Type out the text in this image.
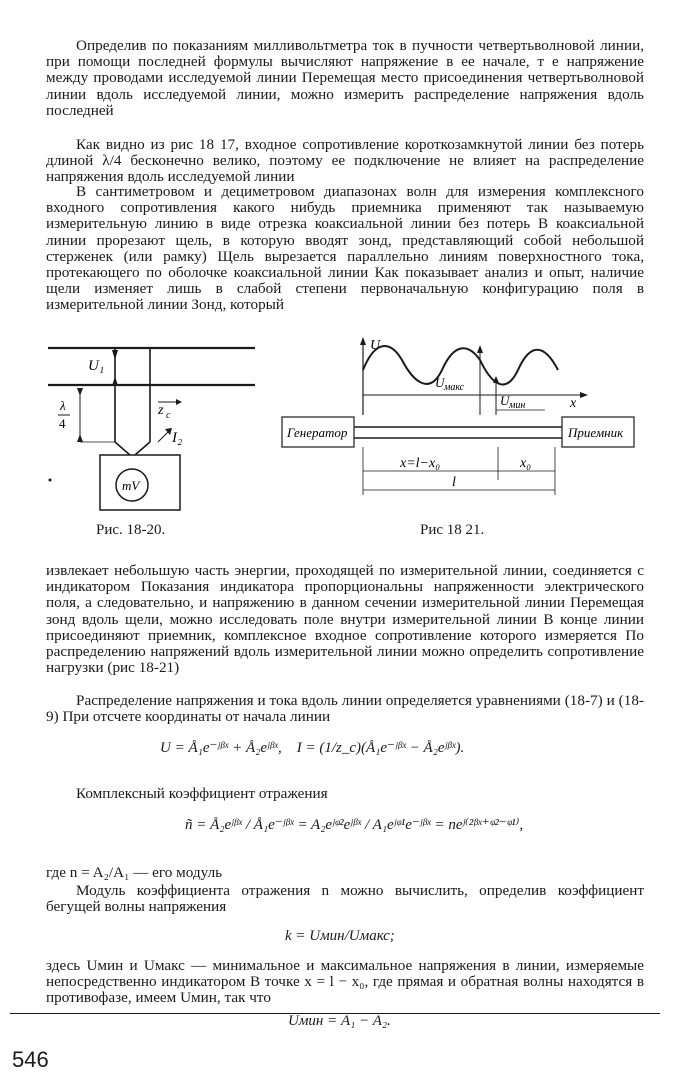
Определив по показаниям милливольтметра ток в пучности четвертьволновой линии, при помощи последней формулы вычисляют напряжение в ее начале, т е напряжение между проводами исследуемой линии Перемещая место присоединения четвертьволновой линии вдоль исследуемой линии, можно измерить распределение напряжения вдоль последней

Как видно из рис 18 17, входное сопротивление короткозамкнутой линии без потерь длиной λ/4 бесконечно велико, поэтому ее подключение не влияет на распределение напряжения вдоль исследуемой линии

В сантиметровом и дециметровом диапазонах волн для измерения комплексного входного сопротивления какого нибудь приемника применяют так называемую измерительную линию в виде отрезка коаксиальной линии без потерь В коаксиальной линии прорезают щель, в которую вводят зонд, представляющий собой небольшой стерженек (или рамку) Щель вырезается параллельно линиям поверхностного тока, протекающего по оболочке коаксиальной линии Как показывает анализ и опыт, наличие щели изменяет лишь в слабой степени первоначальную конфигурацию поля в измерительной линии Зонд, который

U₁
λ
4
z c
I₂
mV
Рис. 18-20.
U
x
U макс
U мин
Генератор	Приемник
x=l−x₀	x₀
l
Рис 18 21.

извлекает небольшую часть энергии, проходящей по измерительной линии, соединяется с индикатором Показания индикатора пропорциональны напряженности электрического поля, а следовательно, и напряжению в данном сечении измерительной линии Перемещая зонд вдоль щели, можно исследовать поле внутри измерительной линии В конце линии присоединяют приемник, комплексное входное сопротивление которого измеряется По распределению напряжений вдоль измерительной линии можно определить сопротивление нагрузки (рис 18-21)

Распределение напряжения и тока вдоль линии определяется уравнениями (18-7) и (18-9) При отсчете координаты от начала линии

U = Å₁e⁻ʲᵝˣ + Å₂eʲᵝˣ, I = (1/z_c)(Å₁e⁻ʲᵝˣ − Å₂eʲᵝˣ).

Комплексный коэффициент отражения

ñ = Å₂eʲᵝˣ / Å₁e⁻ʲᵝˣ = A₂eʲᵠ²eʲᵝˣ / A₁eʲᵠ¹e⁻ʲᵝˣ = neʲ⁽²ᵝˣ⁺ᵠ²⁻ᵠ¹⁾,

где n = A₂/A₁ — его модуль

Модуль коэффициента отражения n можно вычислить, определив коэффициент бегущей волны напряжения

k = Uмин/Uмакс;

здесь Uмин и Uмакс — минимальное и максимальное напряжения в линии, измеряемые непосредственно индикатором В точке x = l − x₀, где прямая и обратная волны находятся в противофазе, имеем Uмин, так что

Uмин = A₁ − A₂.
546
